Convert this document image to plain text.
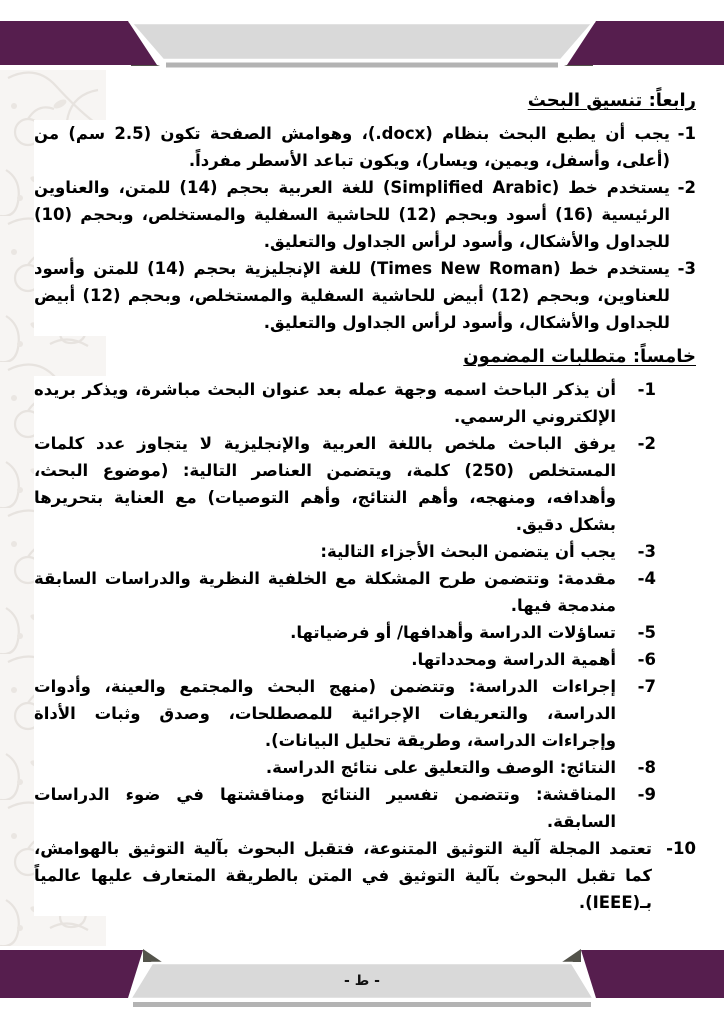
رابعاً: تنسيق البحث
1-
يجب أن يطبع البحث بنظام ‪(.docx)‬، وهوامش الصفحة تكون (2.5 سم) من (أعلى، وأسفل، ويمين، ويسار)، ويكون تباعد الأسطر مفرداً.
2-
يستخدم خط ‪(Simplified Arabic)‬ للغة العربية بحجم (14) للمتن، والعناوين الرئيسية (16) أسود وبحجم (12) للحاشية السفلية والمستخلص، وبحجم (10) للجداول والأشكال، وأسود لرأس الجداول والتعليق.
3-
يستخدم خط ‪(Times New Roman)‬ للغة الإنجليزية بحجم (14) للمتن وأسود للعناوين، وبحجم (12) أبيض للحاشية السفلية والمستخلص، وبحجم (12) أبيض للجداول والأشكال، وأسود لرأس الجداول والتعليق.
خامساً: متطلبات المضمون
1-
أن يذكر الباحث اسمه وجهة عمله بعد عنوان البحث مباشرة، ويذكر بريده الإلكتروني الرسمي.
2-
يرفق الباحث ملخص باللغة العربية والإنجليزية لا يتجاوز عدد كلمات المستخلص (250) كلمة، ويتضمن العناصر التالية: (موضوع البحث، وأهدافه، ومنهجه، وأهم النتائج، وأهم التوصيات) مع العناية بتحريرها بشكل دقيق.
3-
يجب أن يتضمن البحث الأجزاء التالية:
4-
مقدمة: وتتضمن طرح المشكلة مع الخلفية النظرية والدراسات السابقة مندمجة فيها.
5-
تساؤلات الدراسة وأهدافها/ أو فرضياتها.
6-
أهمية الدراسة ومحدداتها.
7-
إجراءات الدراسة: وتتضمن (منهج البحث والمجتمع والعينة، وأدوات الدراسة، والتعريفات الإجرائية للمصطلحات، وصدق وثبات الأداة وإجراءات الدراسة، وطريقة تحليل البيانات).
8-
النتائج: الوصف والتعليق على نتائج الدراسة.
9-
المناقشة: وتتضمن تفسير النتائج ومناقشتها في ضوء الدراسات السابقة.
10-
تعتمد المجلة آلية التوثيق المتنوعة، فتقبل البحوث بآلية التوثيق بالهوامش، كما تقبل البحوث بآلية التوثيق في المتن بالطريقة المتعارف عليها عالمياً بـ‪(IEEE)‬.
- ط -
